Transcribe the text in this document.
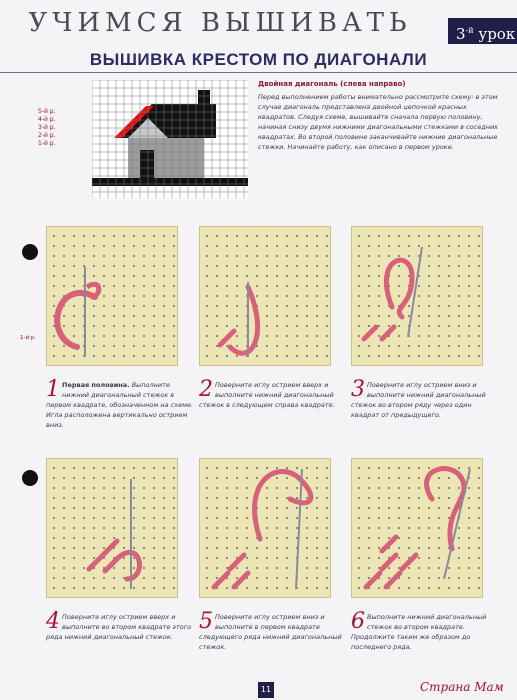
УЧИМСЯ ВЫШИВАТЬ	$3^{-й}$ урок
ВЫШИВКА КРЕСТОМ ПО ДИАГОНАЛИ
5-й р.
4-й р.
3-й р.
2-й р.
1-й р.
Двойная диагональ (слева направо)
Перед выполнением работы внимательно рассмотрите схему: в этом случае диагональ представлена двойной цепочкой красных квадратов. Следуя схеме, вышивайте сначала первую половину, начиная снизу двумя нижними диагональными стежками в соседних квадратах. Во второй половине заканчивайте нижние диагональные стежки. Начинайте работу, как описано в первом уроке.
1-й р.
1 Первая половина. Выполните нижний диагональный стежок в первом квадрате, обозначенном на схеме. Игла расположена вертикально острием вниз.
2 Поверните иглу острием вверх и выполните нижний диагональный стежок в следующем справа квадрате.
3 Поверните иглу острием вниз и выполните нижний диагональный стежок во втором ряду через один квадрат от предыдущего.
4 Поверните иглу острием вверх и выполните во втором квадрате этого ряда нижний диагональный стежок.
5 Поверните иглу острием вниз и выполните в первом квадрате следующего ряда нижний диагональный стежок.
6 Выполните нижний диагональный стежок во втором квадрате. Продолжите таким же образом до последнего ряда.
11	Страна Мам
